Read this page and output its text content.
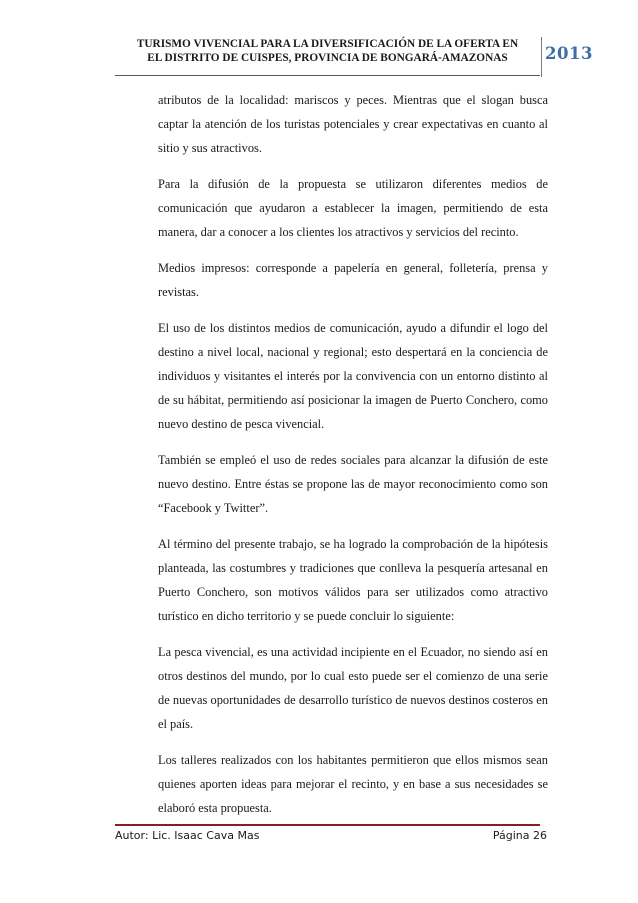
TURISMO VIVENCIAL PARA LA DIVERSIFICACIÓN DE LA OFERTA EN
EL DISTRITO DE CUISPES, PROVINCIA DE BONGARÁ-AMAZONAS	2013

atributos de la localidad: mariscos y peces. Mientras que el slogan busca captar la atención de los turistas potenciales y crear expectativas en cuanto al sitio y sus atractivos.

Para la difusión de la propuesta se utilizaron diferentes medios de comunicación que ayudaron a establecer la imagen, permitiendo de esta manera, dar a conocer a los clientes los atractivos y servicios del recinto.

Medios impresos: corresponde a papelería en general, folletería, prensa y revistas.

El uso de los distintos medios de comunicación, ayudo a difundir el logo del destino a nivel local, nacional y regional; esto despertará en la conciencia de individuos y visitantes el interés por la convivencia con un entorno distinto al de su hábitat, permitiendo así posicionar la imagen de Puerto Conchero, como nuevo destino de pesca vivencial.

También se empleó el uso de redes sociales para alcanzar la difusión de este nuevo destino. Entre éstas se propone las de mayor reconocimiento como son “Facebook y Twitter”.

Al término del presente trabajo, se ha logrado la comprobación de la hipótesis planteada, las costumbres y tradiciones que conlleva la pesquería artesanal en Puerto Conchero, son motivos válidos para ser utilizados como atractivo turístico en dicho territorio y se puede concluir lo siguiente:

La pesca vivencial, es una actividad incipiente en el Ecuador, no siendo así en otros destinos del mundo, por lo cual esto puede ser el comienzo de una serie de nuevas oportunidades de desarrollo turístico de nuevos destinos costeros en el país.

Los talleres realizados con los habitantes permitieron que ellos mismos sean quienes aporten ideas para mejorar el recinto, y en base a sus necesidades se elaboró esta propuesta.

Autor: Lic. Isaac Cava Mas	Página 26
